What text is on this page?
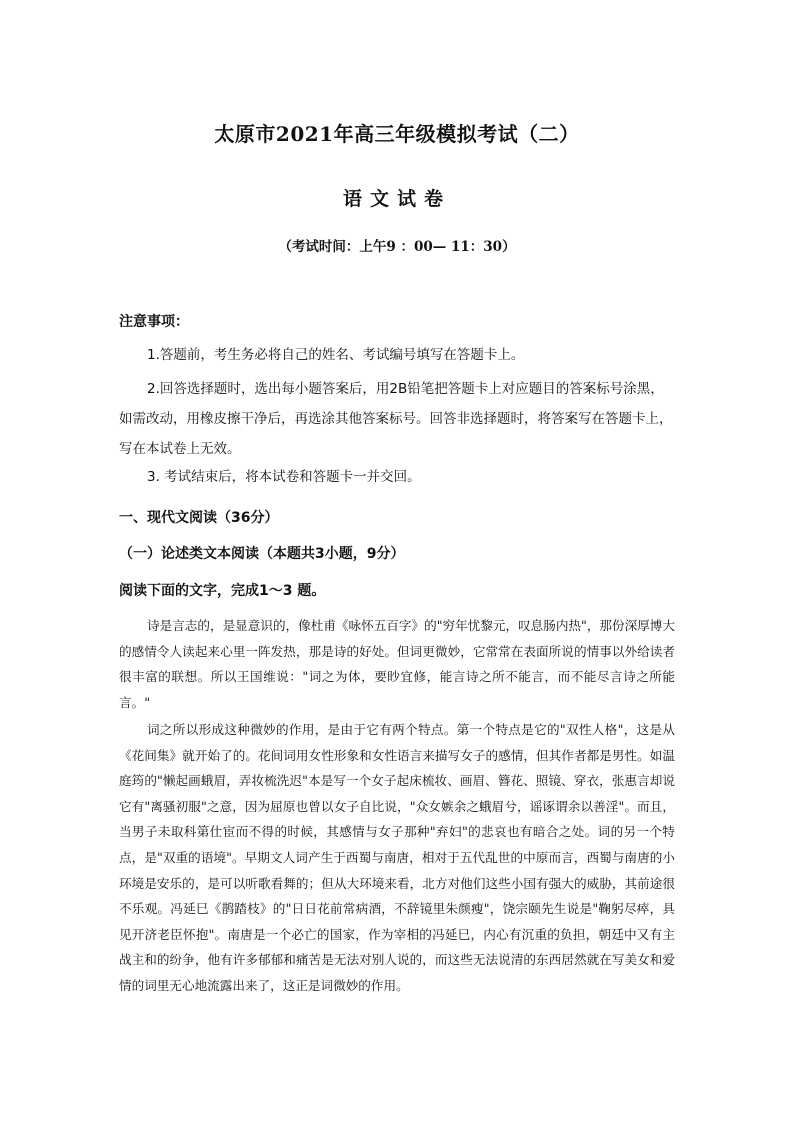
太原市2021年高三年级模拟考试（二）
语文试卷
（考试时间：上午9 ：00— 11：30）
注意事项：

1.答题前，考生务必将自己的姓名、考试编号填写在答题卡上。

2.回答选择题时，选出每小题答案后，用2B铅笔把答题卡上对应题目的答案标号涂黑，如需改动，用橡皮擦干净后，再选涂其他答案标号。回答非选择题时，将答案写在答题卡上，写在本试卷上无效。

3. 考试结束后，将本试卷和答题卡一并交回。

一、现代文阅读（36分）
（一）论述类文本阅读（本题共3小题，9分）
阅读下面的文字，完成1～3 题。

诗是言志的，是显意识的，像杜甫《咏怀五百字》的"穷年忧黎元，叹息肠内热"，那份深厚博大的感情令人读起来心里一阵发热，那是诗的好处。但词更微妙，它常常在表面所说的情事以外给读者很丰富的联想。所以王国维说："词之为体，要眇宜修，能言诗之所不能言，而不能尽言诗之所能言。"

词之所以形成这种微妙的作用，是由于它有两个特点。第一个特点是它的"双性人格"，这是从《花间集》就开始了的。花间词用女性形象和女性语言来描写女子的感情，但其作者都是男性。如温庭筠的"懒起画蛾眉，弄妆梳洗迟"本是写一个女子起床梳妆、画眉、簪花、照镜、穿衣，张惠言却说它有"离骚初服"之意，因为屈原也曾以女子自比说，"众女嫉余之蛾眉兮，谣诼谓余以善淫"。而且，当男子未取科第仕宦而不得的时候，其感情与女子那种"弃妇"的悲哀也有暗合之处。词的另一个特点，是"双重的语境"。早期文人词产生于西蜀与南唐，相对于五代乱世的中原而言，西蜀与南唐的小环境是安乐的，是可以听歌看舞的；但从大环境来看，北方对他们这些小国有强大的威胁，其前途很不乐观。冯延巳《鹊踏枝》的"日日花前常病酒，不辞镜里朱颜瘦"，饶宗颐先生说是"鞠躬尽瘁，具见开济老臣怀抱"。南唐是一个必亡的国家，作为宰相的冯延巳，内心有沉重的负担，朝廷中又有主战主和的纷争，他有许多郁郁和痛苦是无法对别人说的，而这些无法说清的东西居然就在写美女和爱情的词里无心地流露出来了，这正是词微妙的作用。
